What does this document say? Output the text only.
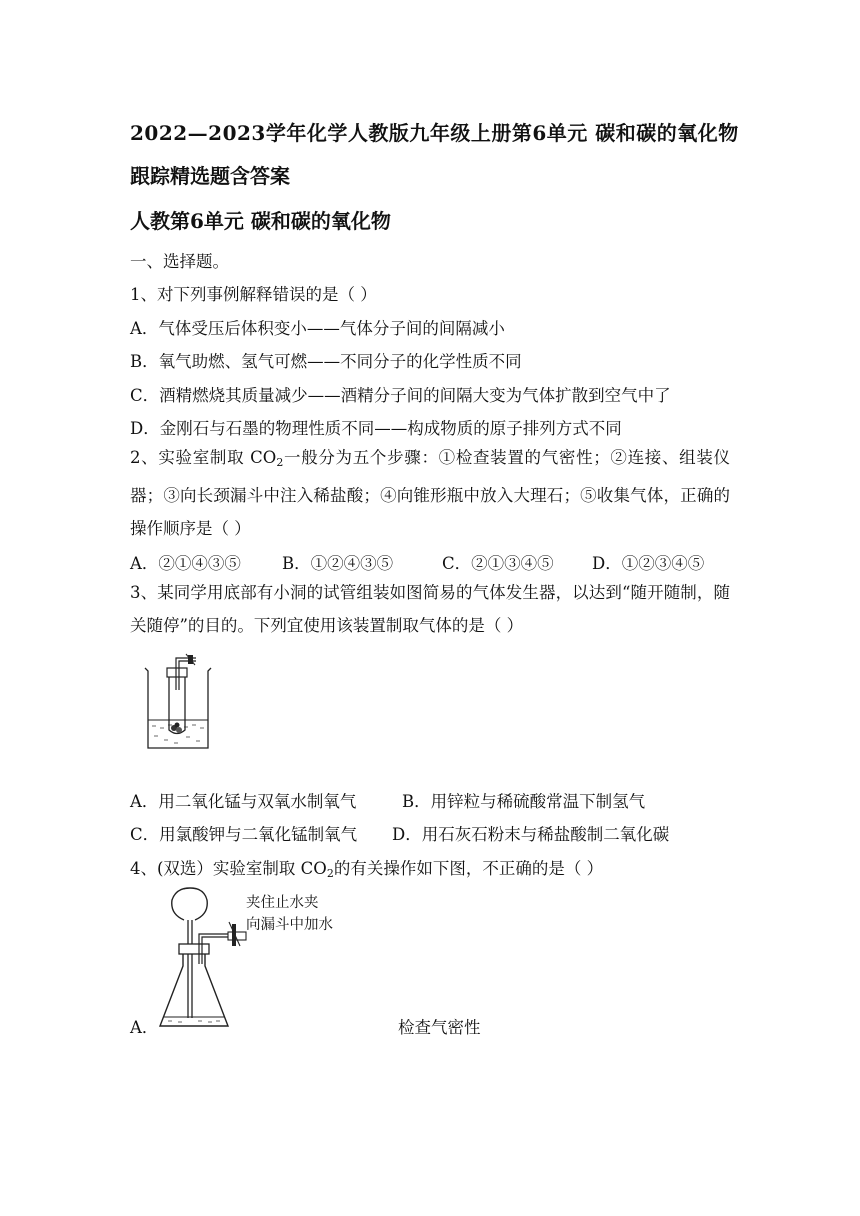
2022—2023学年化学人教版九年级上册第6单元 碳和碳的氧化物
跟踪精选题含答案
人教第6单元 碳和碳的氧化物
一、选择题。
1、对下列事例解释错误的是（ ）
A．气体受压后体积变小——气体分子间的间隔减小
B．氧气助燃、氢气可燃——不同分子的化学性质不同
C．酒精燃烧其质量减少——酒精分子间的间隔大变为气体扩散到空气中了
D．金刚石与石墨的物理性质不同——构成物质的原子排列方式不同
2、实验室制取 $CO_2$一般分为五个步骤：①检查装置的气密性；②连接、组装仪器；③向长颈漏斗中注入稀盐酸；④向锥形瓶中放入大理石；⑤收集气体，正确的操作顺序是（ ）
A．②①④③⑤	B．①②④③⑤	C．②①③④⑤	D．①②③④⑤
3、某同学用底部有小洞的试管组装如图简易的气体发生器，以达到“随开随制，随关随停”的目的。下列宜使用该装置制取气体的是（ ）
A．用二氧化锰与双氧水制氧气	B．用锌粒与稀硫酸常温下制氢气
C．用氯酸钾与二氧化锰制氧气 D．用石灰石粉末与稀盐酸制二氧化碳
4、(双选）实验室制取 $CO_2$的有关操作如下图，不正确的是（ ）
夹住止水夹
向漏斗中加水
A．	检查气密性
